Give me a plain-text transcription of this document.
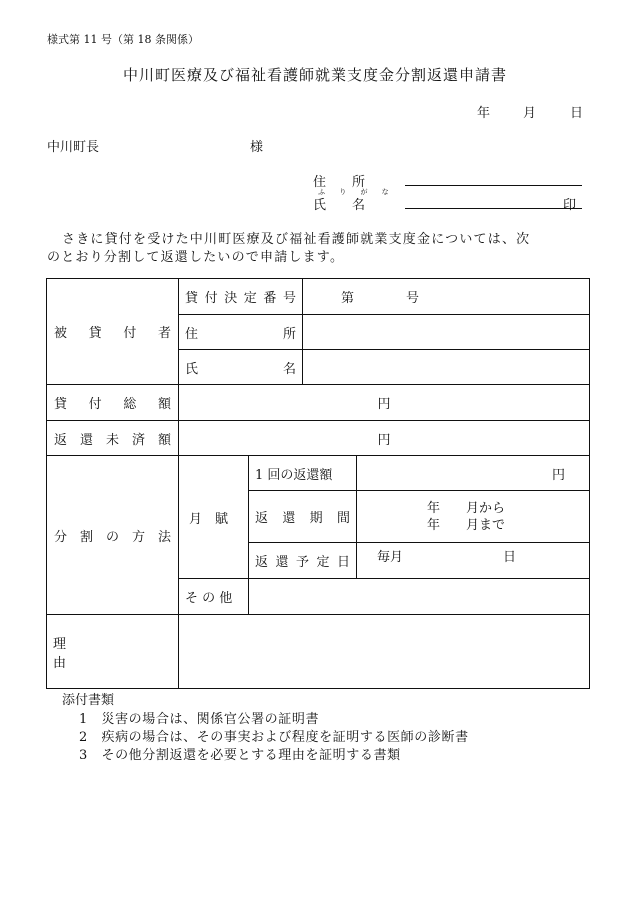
様式第 11 号（第 18 条関係）
中川町医療及び福祉看護師就業支度金分割返還申請書
年	月	日
中川町長	様
住　　所
ふ り が な
氏　　名	印
さきに貸付を受けた中川町医療及び福祉看護師就業支度金については、次
のとおり分割して返還したいので申請します。
被 貸 付 者	貸付決定番号		第 号	

	住所			

	氏名			

貸 付 総 額	円			

返 還 未 済 額	円			

分 割 の 方 法	月　賦	1 回の返還額		円

		返 還 期 間		年　　月から
年　　月まで

		返 還 予 定 日		毎月 日
	そ の 他			
理　　　　　　　　由				
添付書類
1　災害の場合は、関係官公署の証明書
2　疾病の場合は、その事実および程度を証明する医師の診断書
3　その他分割返還を必要とする理由を証明する書類
